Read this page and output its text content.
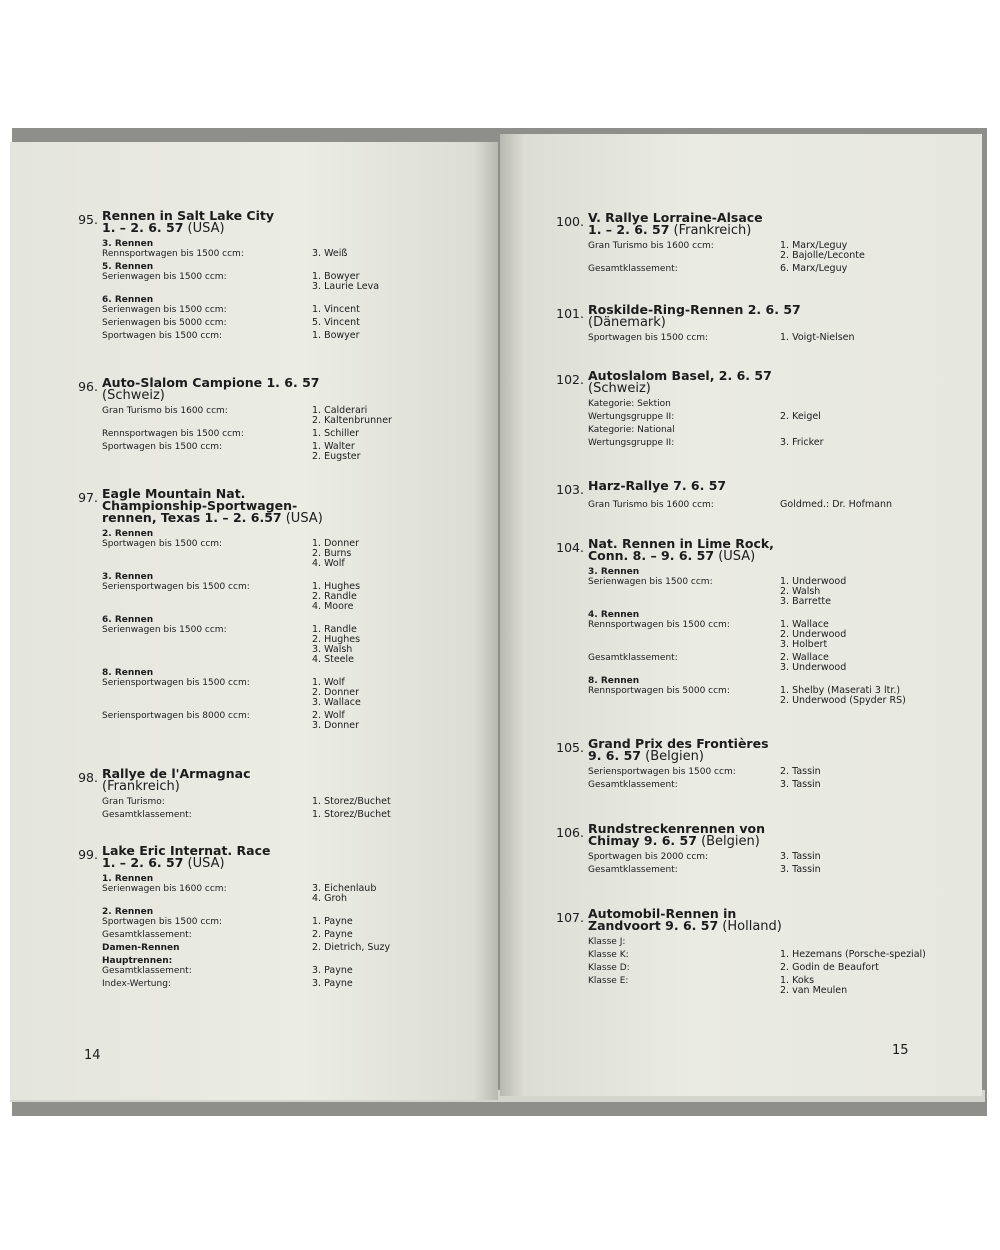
95. Rennen in Salt Lake City
1. – 2. 6. 57 (USA)
3. Rennen
Rennsportwagen bis 1500 ccm:	3. Weiß
5. Rennen
Serienwagen bis 1500 ccm:	1. Bowyer
3. Laurie Leva
6. Rennen
Serienwagen bis 1500 ccm:	1. Vincent
Serienwagen bis 5000 ccm:	5. Vincent
Sportwagen bis 1500 ccm:	1. Bowyer
96. Auto-Slalom Campione 1. 6. 57
(Schweiz)
Gran Turismo bis 1600 ccm:	1. Calderari
2. Kaltenbrunner
Rennsportwagen bis 1500 ccm:	1. Schiller
Sportwagen bis 1500 ccm:	1. Walter
2. Eugster
97. Eagle Mountain Nat.
Championship-Sportwagen-
rennen, Texas 1. – 2. 6.57 (USA)
2. Rennen
Sportwagen bis 1500 ccm:	1. Donner
2. Burns
4. Wolf
3. Rennen
Seriensportwagen bis 1500 ccm:	1. Hughes
2. Randle
4. Moore
6. Rennen
Serienwagen bis 1500 ccm:	1. Randle
2. Hughes
3. Walsh
4. Steele
8. Rennen
Seriensportwagen bis 1500 ccm:	1. Wolf
2. Donner
3. Wallace
Seriensportwagen bis 8000 ccm:	2. Wolf
3. Donner
98. Rallye de l'Armagnac
(Frankreich)
Gran Turismo:	1. Storez/Buchet
Gesamtklassement:	1. Storez/Buchet
99. Lake Eric Internat. Race
1. – 2. 6. 57 (USA)
1. Rennen
Serienwagen bis 1600 ccm:	3. Eichenlaub
4. Groh
2. Rennen
Sportwagen bis 1500 ccm:	1. Payne
Gesamtklassement:	2. Payne
Damen-Rennen	2. Dietrich, Suzy
Hauptrennen:
Gesamtklassement:	3. Payne
Index-Wertung:	3. Payne
100. V. Rallye Lorraine-Alsace
1. – 2. 6. 57 (Frankreich)
Gran Turismo bis 1600 ccm:	1. Marx/Leguy
2. Bajolle/Leconte
Gesamtklassement:	6. Marx/Leguy
101. Roskilde-Ring-Rennen 2. 6. 57
(Dänemark)
Sportwagen bis 1500 ccm:	1. Voigt-Nielsen
102. Autoslalom Basel, 2. 6. 57
(Schweiz)
Kategorie: Sektion
Wertungsgruppe II:	2. Keigel
Kategorie: National
Wertungsgruppe II:	3. Fricker
103. Harz-Rallye 7. 6. 57
Gran Turismo bis 1600 ccm:	Goldmed.: Dr. Hofmann
104. Nat. Rennen in Lime Rock,
Conn. 8. – 9. 6. 57 (USA)
3. Rennen
Serienwagen bis 1500 ccm:	1. Underwood
2. Walsh
3. Barrette
4. Rennen
Rennsportwagen bis 1500 ccm:	1. Wallace
2. Underwood
3. Holbert
Gesamtklassement:	2. Wallace
3. Underwood
8. Rennen
Rennsportwagen bis 5000 ccm:	1. Shelby (Maserati 3 ltr.)
2. Underwood (Spyder RS)
105. Grand Prix des Frontières
9. 6. 57 (Belgien)
Seriensportwagen bis 1500 ccm:	2. Tassin
Gesamtklassement:	3. Tassin
106. Rundstreckenrennen von
Chimay 9. 6. 57 (Belgien)
Sportwagen bis 2000 ccm:	3. Tassin
Gesamtklassement:	3. Tassin
107. Automobil-Rennen in
Zandvoort 9. 6. 57 (Holland)
Klasse J:
Klasse K:	1. Hezemans (Porsche-spezial)
Klasse D:	2. Godin de Beaufort
Klasse E:	1. Koks
2. van Meulen
14	15
